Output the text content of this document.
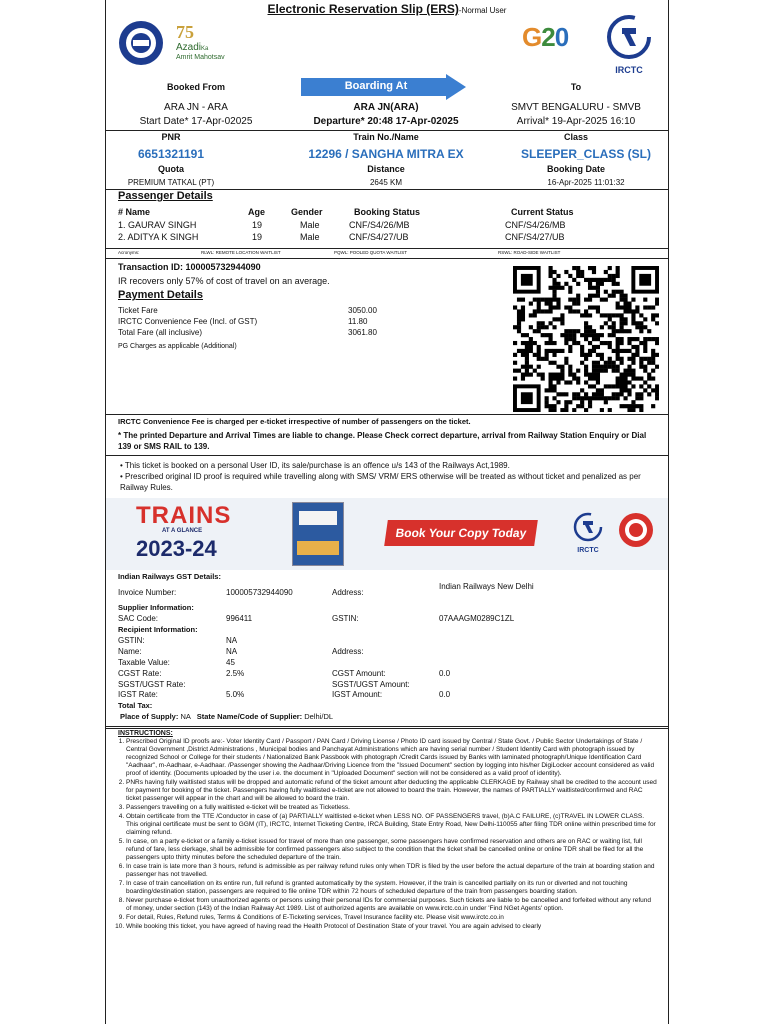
Electronic Reservation Slip (ERS)-Normal User
75
AzadiKa
Amrit Mahotsav
G20
IRCTC
Booked From	Boarding At	To
ARA JN - ARA	ARA JN(ARA)	SMVT BENGALURU - SMVB
Start Date* 17-Apr-02025	Departure* 20:48 17-Apr-02025	Arrival* 19-Apr-2025 16:10
PNR	Train No./Name	Class
6651321191	12296 / SANGHA MITRA EX	SLEEPER_CLASS (SL)
Quota	Distance	Booking Date
PREMIUM TATKAL (PT)	2645 KM	16-Apr-2025 11:01:32
Passenger Details
# Name	Age	Gender	Booking Status	Current Status
1. GAURAV SINGH	19	Male	CNF/S4/26/MB	CNF/S4/26/MB
2. ADITYA K SINGH	19	Male	CNF/S4/27/UB	CNF/S4/27/UB
Acronyms:	RLWL: REMOTE LOCATION WAITLIST	PQWL: POOLED QUOTA WAITLIST	RSWL: ROAD-SIDE WAITLIST
Transaction ID: 100005732944090
IR recovers only 57% of cost of travel on an average.
Payment Details
Ticket Fare	3050.00
IRCTC Convenience Fee (Incl. of GST)	11.80
Total Fare (all inclusive)	3061.80
PG Charges as applicable (Additional)
IRCTC Convenience Fee is charged per e-ticket irrespective of number of passengers on the ticket.
* The printed Departure and Arrival Times are liable to change. Please Check correct departure, arrival from Railway Station Enquiry or Dial 139 or SMS RAIL to 139.
• This ticket is booked on a personal User ID, its sale/purchase is an offence u/s 143 of the Railways Act,1989.
• Prescribed original ID proof is required while travelling along with SMS/ VRM/ ERS otherwise will be treated as without ticket and penalized as per Railway Rules.
TRAINS
AT A GLANCE
2023-24	IRCTC
Book Your Copy Today
Indian Railways GST Details:
Invoice Number:	100005732944090	Address:
Indian Railways New Delhi
Supplier Information:
SAC Code:	996411	GSTIN:	07AAAGM0289C1ZL
Recipient Information:
GSTIN:	NA
Name:	NA	Address:
Taxable Value:	45
CGST Rate:	2.5%	CGST Amount:	0.0
SGST/UGST Rate:	SGST/UGST Amount:
IGST Rate:	5.0%	IGST Amount:	0.0
Total Tax:
Place of Supply: NA State Name/Code of Supplier: Delhi/DL
INSTRUCTIONS:
1. Prescribed Original ID proofs are:- Voter Identity Card / Passport / PAN Card / Driving License / Photo ID card issued by Central / State Govt. / Public Sector Undertakings of State / Central Government ,District Administrations , Municipal bodies and Panchayat Administrations which are having serial number / Student Identity Card with photograph issued by recognized School or College for their students / Nationalized Bank Passbook with photograph /Credit Cards issued by Banks with laminated photograph/Unique Identification Card "Aadhaar", m-Aadhaar, e-Aadhaar. /Passenger showing the Aadhaar/Driving Licence from the "Issued Document" section by logging into his/her DigiLocker account considered as valid proof of identity. (Documents uploaded by the user i.e. the document in "Uploaded Document" section will not be considered as a valid proof of identity).
2. PNRs having fully waitlisted status will be dropped and automatic refund of the ticket amount after deducting the applicable CLERKAGE by Railway shall be credited to the account used for payment for booking of the ticket. Passengers having fully waitlisted e-ticket are not allowed to board the train. However, the names of PARTIALLY waitlisted/confirmed and RAC ticket passenger will appear in the chart and will be allowed to board the train.
3. Passengers travelling on a fully waitlisted e-ticket will be treated as Ticketless.
4. Obtain certificate from the TTE /Conductor in case of (a) PARTIALLY waitlisted e-ticket when LESS NO. OF PASSENGERS travel, (b)A.C FAILURE, (c)TRAVEL IN LOWER CLASS. This original certificate must be sent to GGM (IT), IRCTC, Internet Ticketing Centre, IRCA Building, State Entry Road, New Delhi-110055 after filing TDR online within prescribed time for claiming refund.
5. In case, on a party e-ticket or a family e-ticket issued for travel of more than one passenger, some passengers have confirmed reservation and others are on RAC or waiting list, full refund of fare, less clerkage, shall be admissible for confirmed passengers also subject to the condition that the ticket shall be cancelled online or online TDR shall be filed for all the passengers upto thirty minutes before the scheduled departure of the train.
6. In case train is late more than 3 hours, refund is admissible as per railway refund rules only when TDR is filed by the user before the actual departure of the train at boarding station and passenger has not travelled.
7. In case of train cancellation on its entire run, full refund is granted automatically by the system. However, if the train is cancelled partially on its run or diverted and not touching boarding/destination station, passengers are required to file online TDR within 72 hours of scheduled departure of the train from passengers boarding station.
8. Never purchase e-ticket from unauthorized agents or persons using their personal IDs for commercial purposes. Such tickets are liable to be cancelled and forfeited without any refund of money, under section (143) of the Indian Railway Act 1989. List of authorized agents are available on www.irctc.co.in under 'Find NGet Agents' option.
9. For detail, Rules, Refund rules, Terms & Conditions of E-Ticketing services, Travel Insurance facility etc. Please visit www.irctc.co.in
10. While booking this ticket, you have agreed of having read the Health Protocol of Destination State of your travel. You are again advised to clearly
